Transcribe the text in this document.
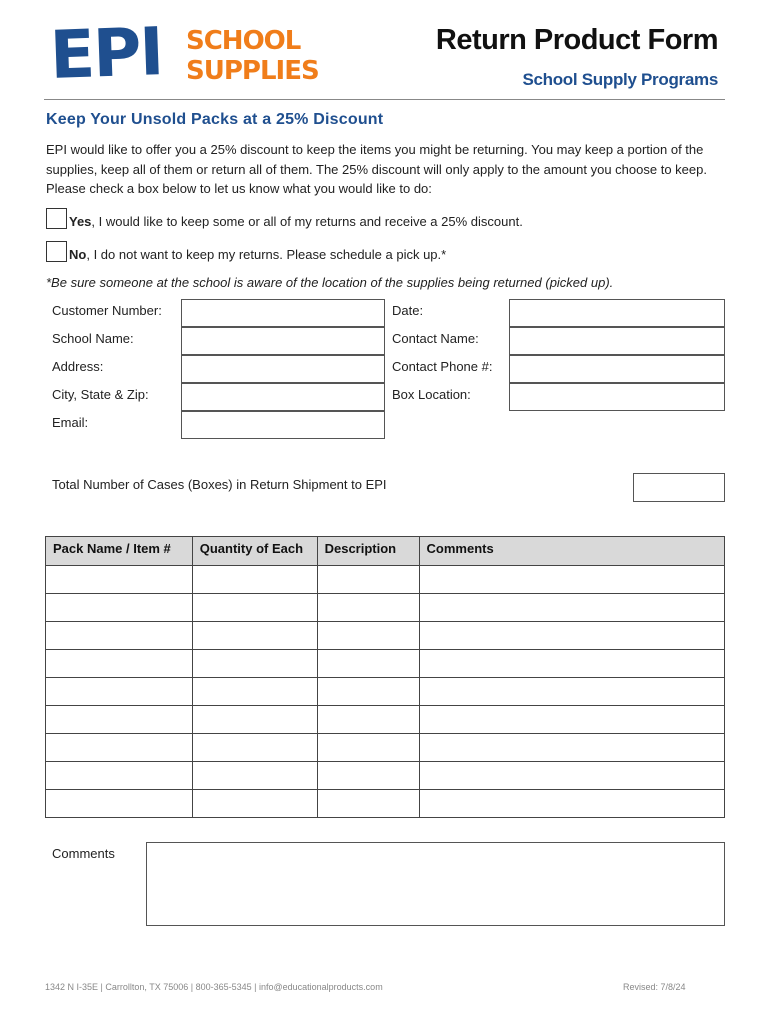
EPI SCHOOL
SUPPLIES
Return Product Form
School Supply Programs
Keep Your Unsold Packs at a 25% Discount
EPI would like to offer you a 25% discount to keep the items you might be returning. You may keep a portion of the supplies, keep all of them or return all of them. The 25% discount will only apply to the amount you choose to keep. Please check a box below to let us know what you would like to do:
Yes, I would like to keep some or all of my returns and receive a 25% discount.
No, I do not want to keep my returns. Please schedule a pick up.*
*Be sure someone at the school is aware of the location of the supplies being returned (picked up).
Customer Number:
School Name:
Address:
City, State & Zip:
Email:
Date:
Contact Name:
Contact Phone #:
Box Location:
Total Number of Cases (Boxes) in Return Shipment to EPI
Pack Name / Item #	Quantity of Each	Description	Comments

Comments
1342 N I-35E | Carrollton, TX 75006 | 800-365-5345 | info@educationalproducts.com	Revised: 7/8/24
